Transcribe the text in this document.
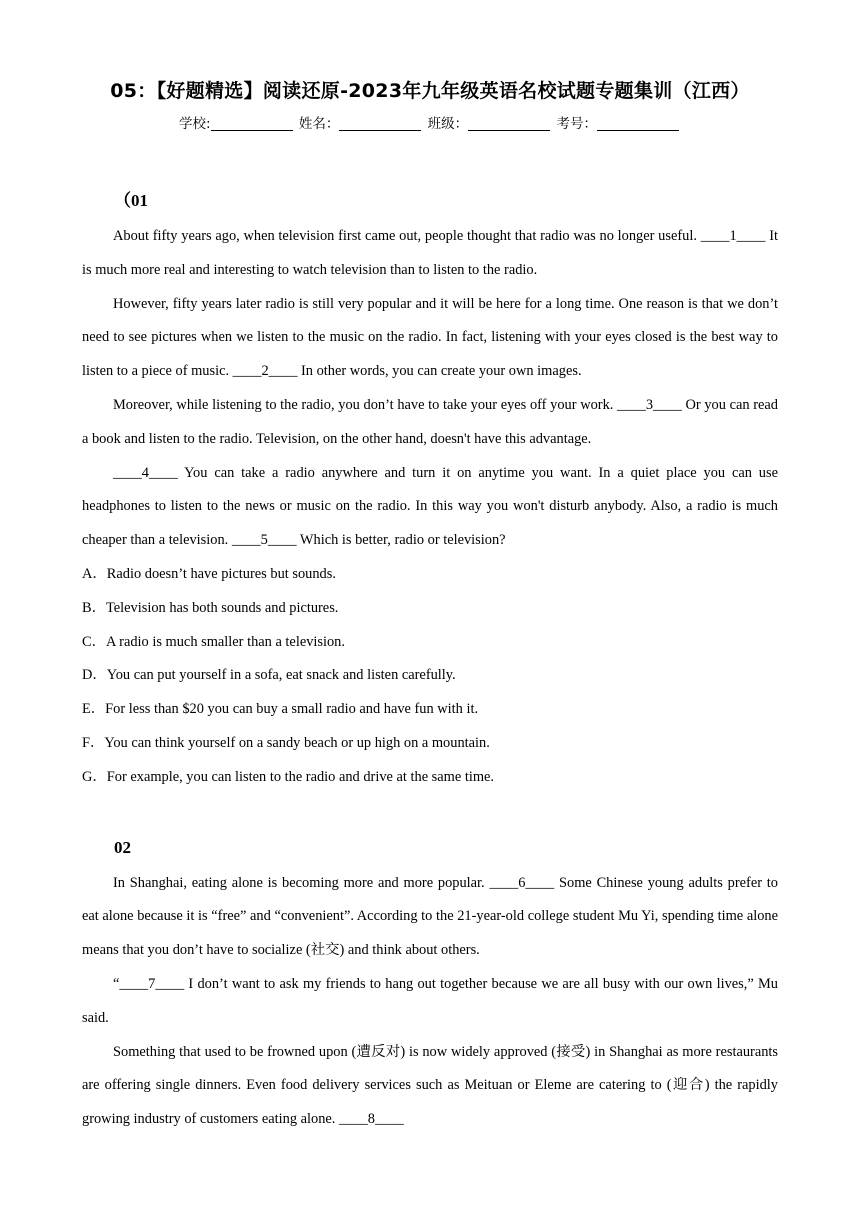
05：【好题精选】阅读还原-2023年九年级英语名校试题专题集训（江西）
学校:	姓名：	班级：	考号：
（01

About fifty years ago, when television first came out, people thought that radio was no longer useful. ____1____ It is much more real and interesting to watch television than to listen to the radio.

However, fifty years later radio is still very popular and it will be here for a long time. One reason is that we don’t need to see pictures when we listen to the music on the radio. In fact, listening with your eyes closed is the best way to listen to a piece of music. ____2____ In other words, you can create your own images.

Moreover, while listening to the radio, you don’t have to take your eyes off your work. ____3____ Or you can read a book and listen to the radio. Television, on the other hand, doesn't have this advantage.

____4____ You can take a radio anywhere and turn it on anytime you want. In a quiet place you can use headphones to listen to the news or music on the radio. In this way you won't disturb anybody. Also, a radio is much cheaper than a television. ____5____ Which is better, radio or television?

A．Radio doesn’t have pictures but sounds.

B．Television has both sounds and pictures.

C．A radio is much smaller than a television.

D．You can put yourself in a sofa, eat snack and listen carefully.

E．For less than $20 you can buy a small radio and have fun with it.

F．You can think yourself on a sandy beach or up high on a mountain.

G．For example, you can listen to the radio and drive at the same time.

02

In Shanghai, eating alone is becoming more and more popular. ____6____ Some Chinese young adults prefer to eat alone because it is “free” and “convenient”. According to the 21-year-old college student Mu Yi, spending time alone means that you don’t have to socialize (社交) and think about others.

“____7____ I don’t want to ask my friends to hang out together because we are all busy with our own lives,” Mu said.

Something that used to be frowned upon (遭反对) is now widely approved (接受) in Shanghai as more restaurants are offering single dinners. Even food delivery services such as Meituan or Eleme are catering to (迎合) the rapidly growing industry of customers eating alone. ____8____
